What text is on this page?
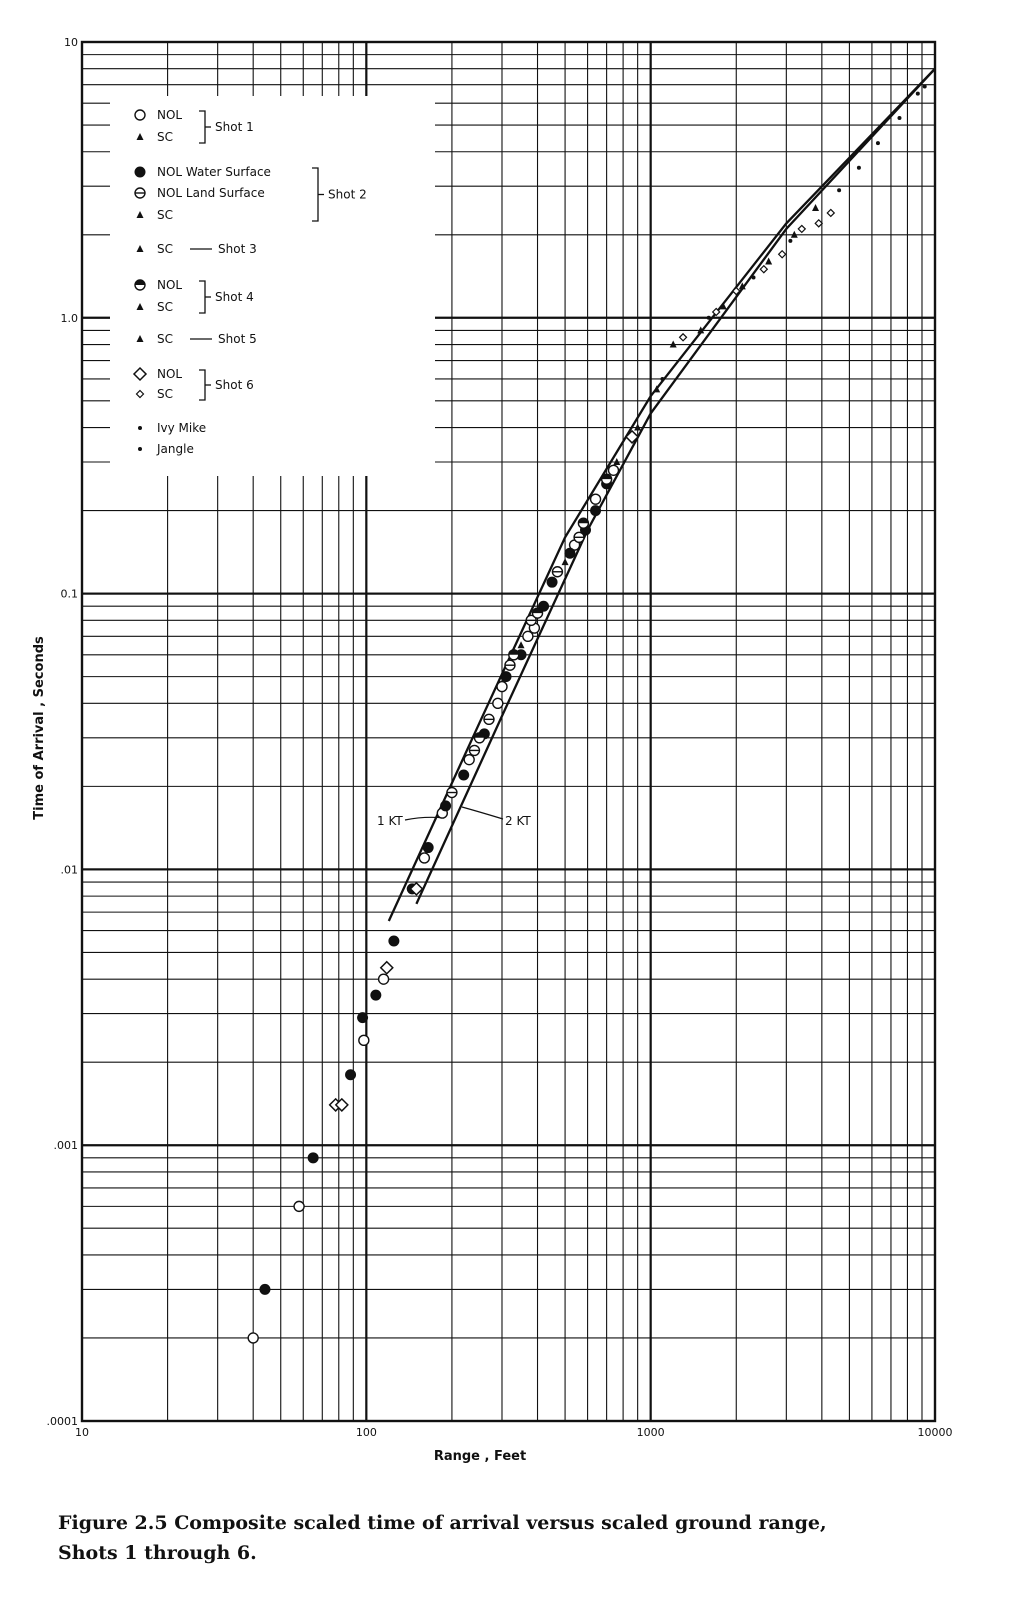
1 KT	2 KT
10	100	1000	10000
10
1.0
0.1
.01
.001
.0001
NOL
SC
NOL Water Surface
NOL Land Surface
SC
SC
NOL
SC
SC
NOL
SC
Ivy Mike
Jangle
Shot 1
Shot 2
Shot 3
Shot 4
Shot 5
Shot 6
Range , Feet
Time of Arrival , Seconds
Figure 2.5 Composite scaled time of arrival versus scaled ground range,
Shots 1 through 6.
